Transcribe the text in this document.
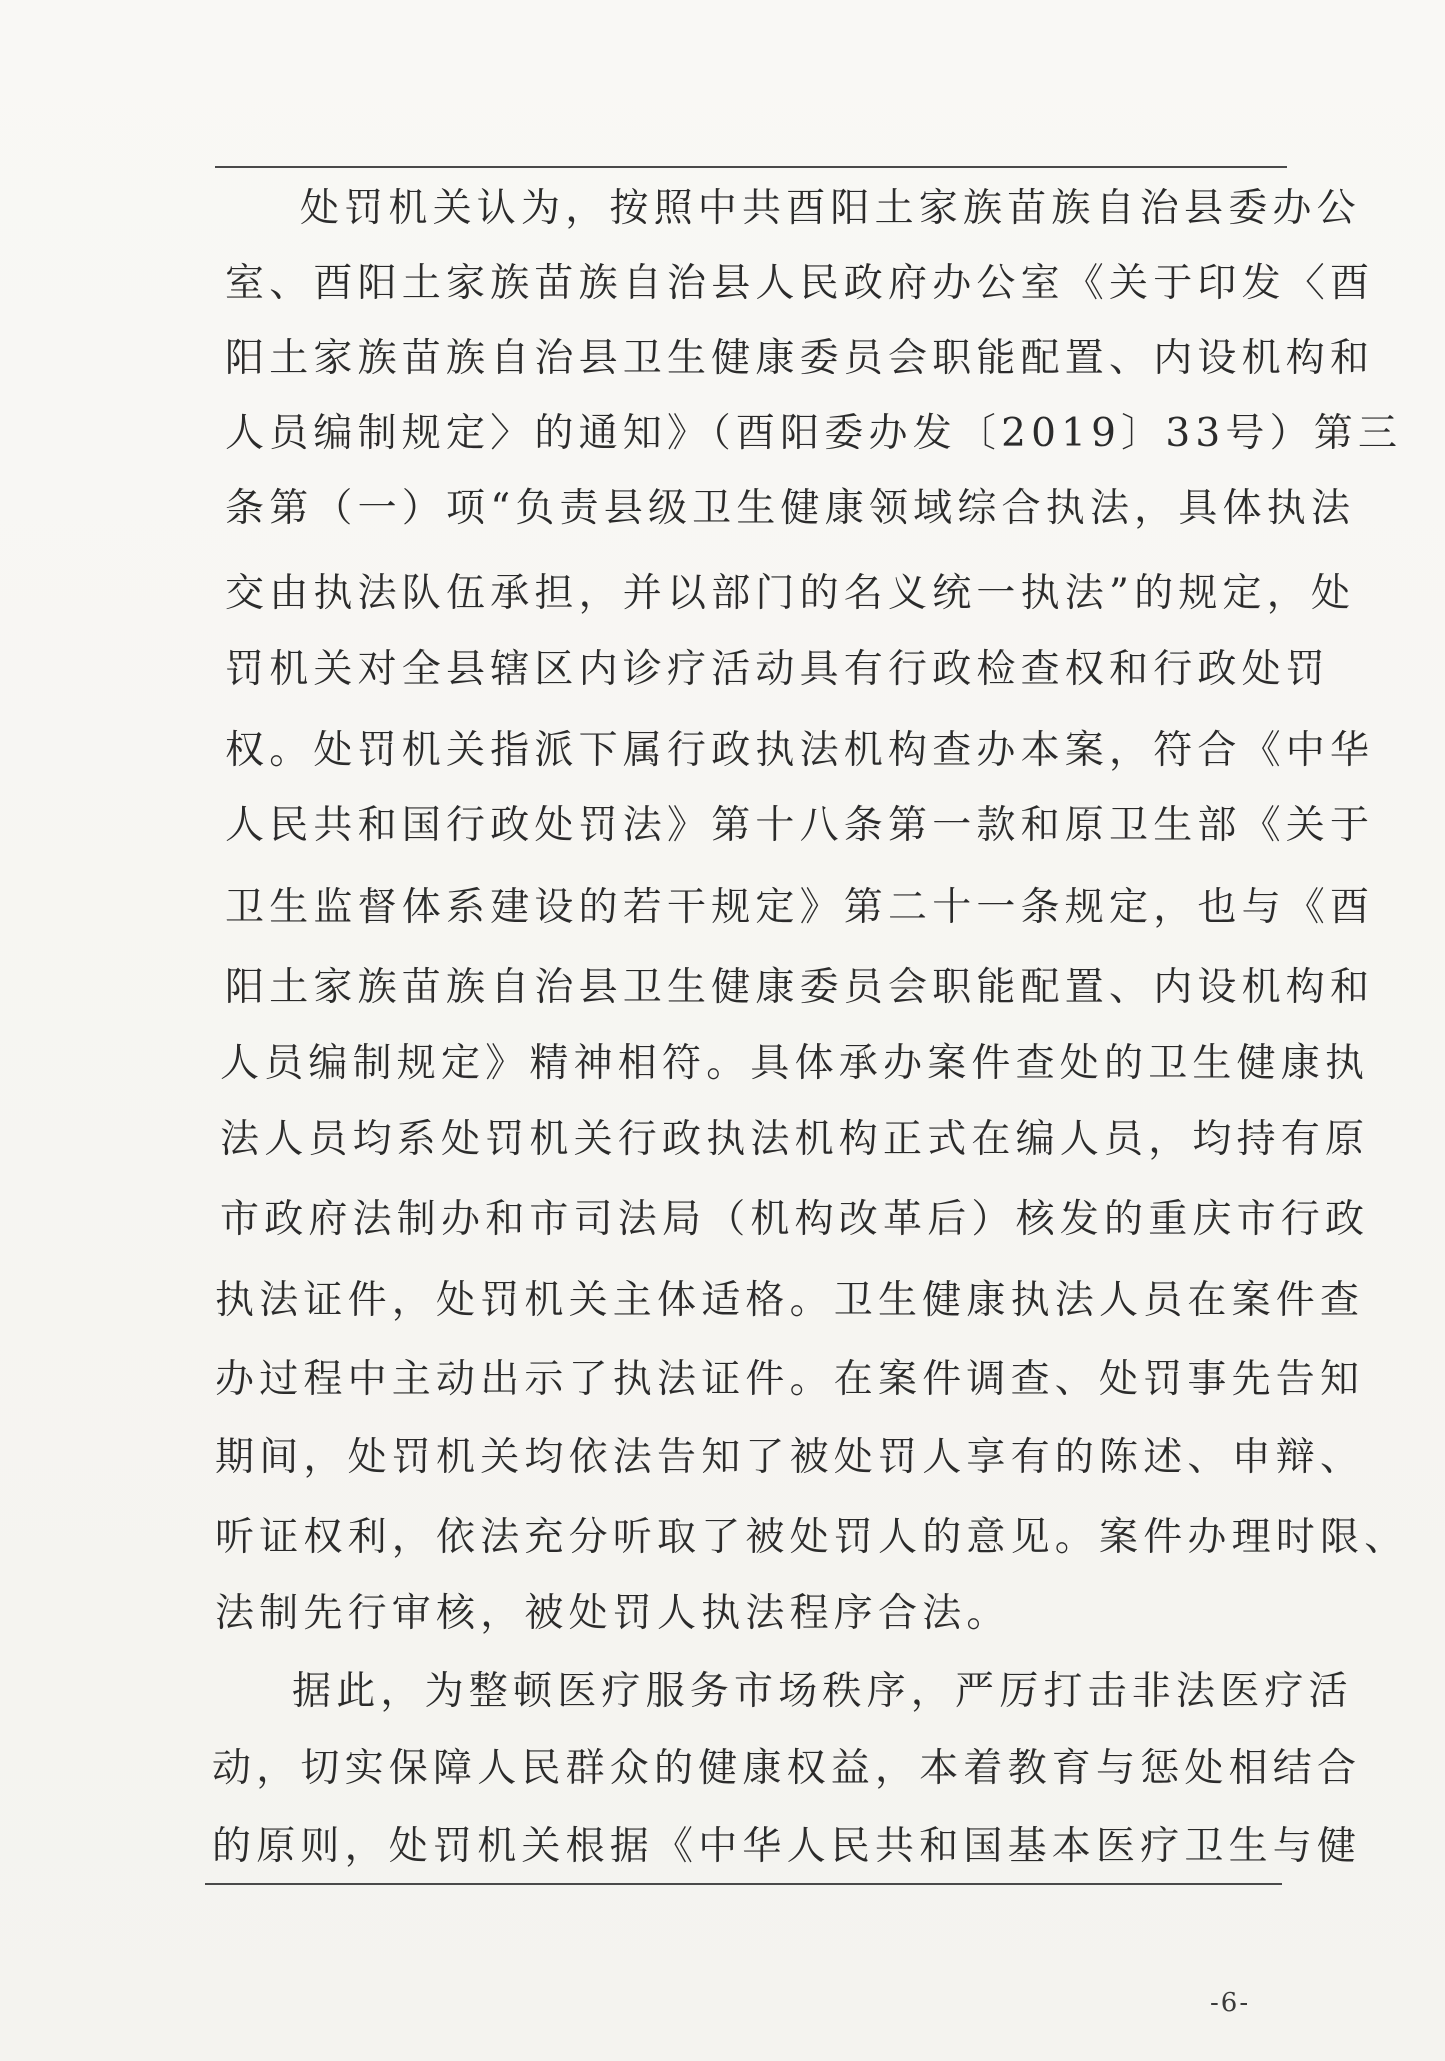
处罚机关认为，按照中共酉阳土家族苗族自治县委办公
室、酉阳土家族苗族自治县人民政府办公室《关于印发〈酉
阳土家族苗族自治县卫生健康委员会职能配置、内设机构和
人员编制规定〉的通知》（酉阳委办发〔2019〕33号）第三
条第（一）项“负责县级卫生健康领域综合执法，具体执法
交由执法队伍承担，并以部门的名义统一执法”的规定，处
罚机关对全县辖区内诊疗活动具有行政检查权和行政处罚
权。处罚机关指派下属行政执法机构查办本案，符合《中华
人民共和国行政处罚法》第十八条第一款和原卫生部《关于
卫生监督体系建设的若干规定》第二十一条规定，也与《酉
阳土家族苗族自治县卫生健康委员会职能配置、内设机构和
人员编制规定》精神相符。具体承办案件查处的卫生健康执
法人员均系处罚机关行政执法机构正式在编人员，均持有原
市政府法制办和市司法局（机构改革后）核发的重庆市行政
执法证件，处罚机关主体适格。卫生健康执法人员在案件查
办过程中主动出示了执法证件。在案件调查、处罚事先告知
期间，处罚机关均依法告知了被处罚人享有的陈述、申辩、
听证权利，依法充分听取了被处罚人的意见。案件办理时限、
法制先行审核，被处罚人执法程序合法。
据此，为整顿医疗服务市场秩序，严厉打击非法医疗活
动，切实保障人民群众的健康权益，本着教育与惩处相结合
的原则，处罚机关根据《中华人民共和国基本医疗卫生与健
-6-
